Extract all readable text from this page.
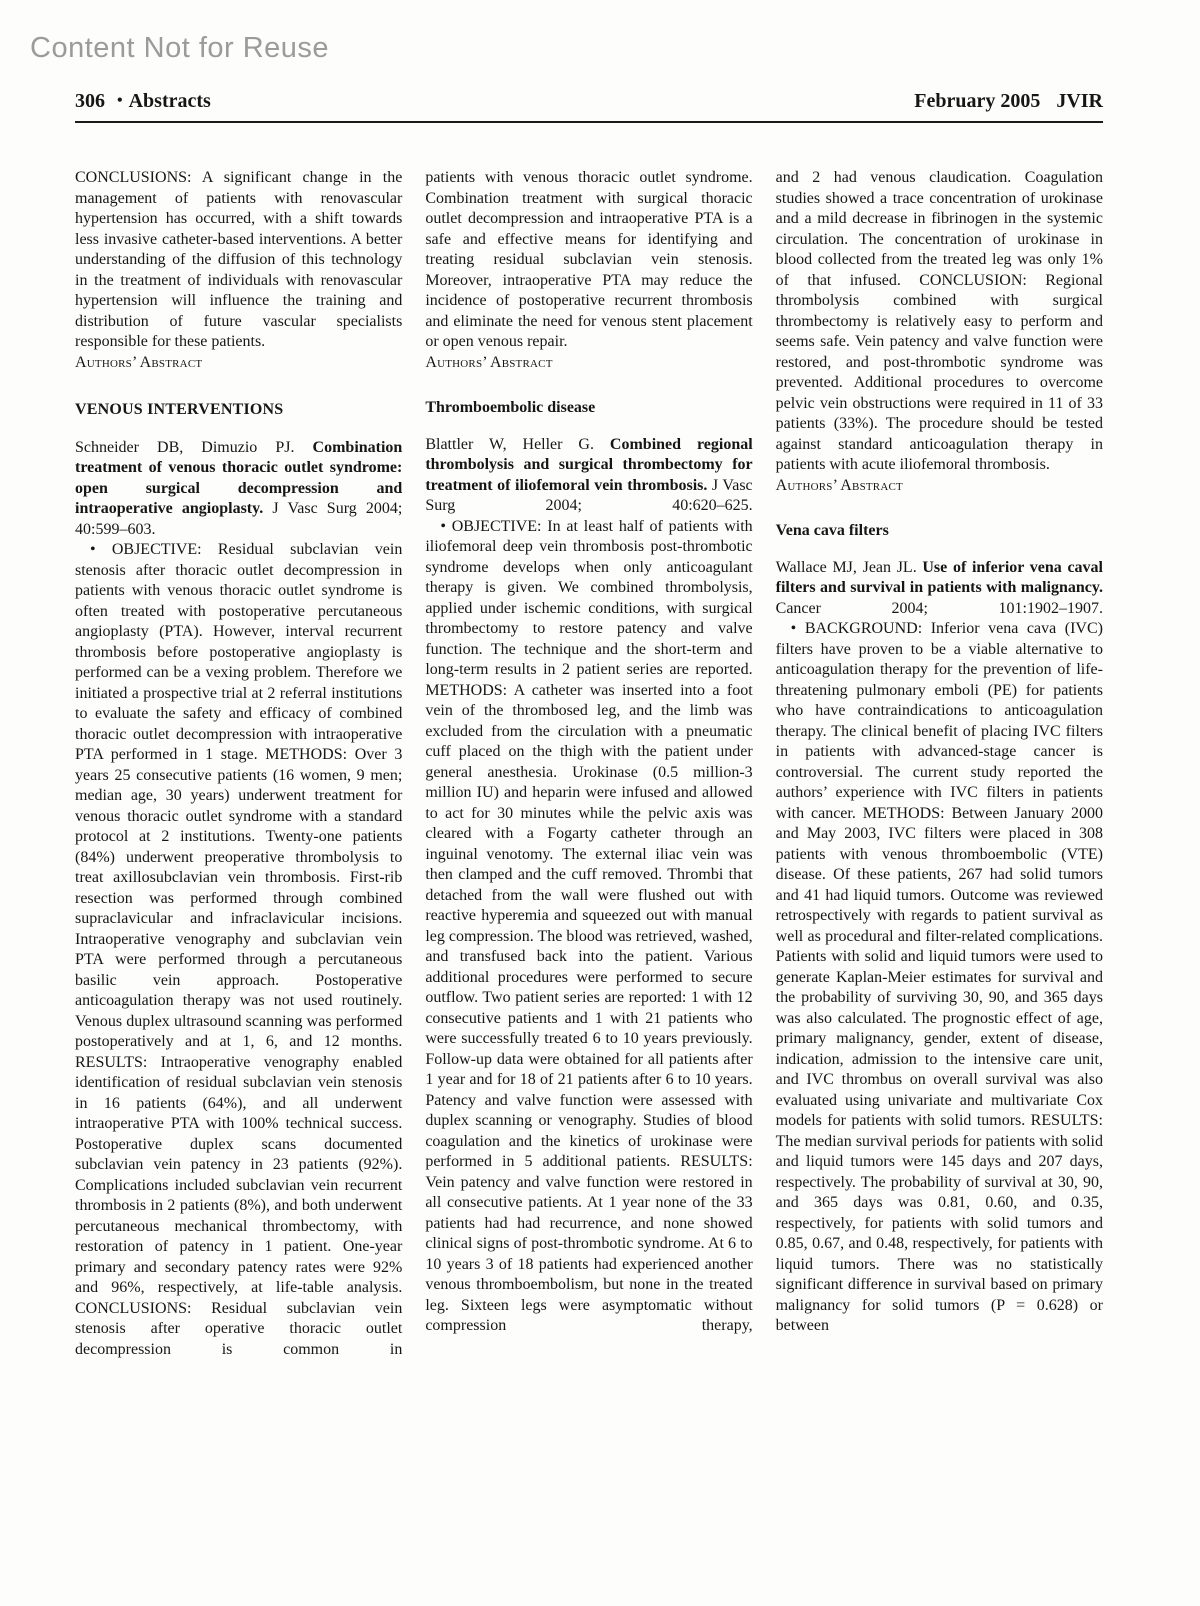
Content Not for Reuse
306 • Abstracts	February 2005 JVIR
CONCLUSIONS: A significant change in the management of patients with renovascular hypertension has occurred, with a shift towards less invasive catheter-based interventions. A better understanding of the diffusion of this technology in the treatment of individuals with renovascular hypertension will influence the training and distribution of future vascular specialists responsible for these patients.
Authors’ Abstract
VENOUS INTERVENTIONS
Schneider DB, Dimuzio PJ. Combination treatment of venous thoracic outlet syndrome: open surgical decompression and intraoperative angioplasty. J Vasc Surg 2004; 40:599–603.
• OBJECTIVE: Residual subclavian vein stenosis after thoracic outlet decompression in patients with venous thoracic outlet syndrome is often treated with postoperative percutaneous angioplasty (PTA). However, interval recurrent thrombosis before postoperative angioplasty is performed can be a vexing problem. Therefore we initiated a prospective trial at 2 referral institutions to evaluate the safety and efficacy of combined thoracic outlet decompression with intraoperative PTA performed in 1 stage. METHODS: Over 3 years 25 consecutive patients (16 women, 9 men; median age, 30 years) underwent treatment for venous thoracic outlet syndrome with a standard protocol at 2 institutions. Twenty-one patients (84%) underwent preoperative thrombolysis to treat axillosubclavian vein thrombosis. First-rib resection was performed through combined supraclavicular and infraclavicular incisions. Intraoperative venography and subclavian vein PTA were performed through a percutaneous basilic vein approach. Postoperative anticoagulation therapy was not used routinely. Venous duplex ultrasound scanning was performed postoperatively and at 1, 6, and 12 months. RESULTS: Intraoperative venography enabled identification of residual subclavian vein stenosis in 16 patients (64%), and all underwent intraoperative PTA with 100% technical success. Postoperative duplex scans documented subclavian vein patency in 23 patients (92%). Complications included subclavian vein recurrent thrombosis in 2 patients (8%), and both underwent percutaneous mechanical thrombectomy, with restoration of patency in 1 patient. One-year primary and secondary patency rates were 92% and 96%, respectively, at life-table analysis. CONCLUSIONS: Residual subclavian vein stenosis after operative thoracic outlet decompression is common in
patients with venous thoracic outlet syndrome. Combination treatment with surgical thoracic outlet decompression and intraoperative PTA is a safe and effective means for identifying and treating residual subclavian vein stenosis. Moreover, intraoperative PTA may reduce the incidence of postoperative recurrent thrombosis and eliminate the need for venous stent placement or open venous repair.
Authors’ Abstract
Thromboembolic disease
Blattler W, Heller G. Combined regional thrombolysis and surgical thrombectomy for treatment of iliofemoral vein thrombosis. J Vasc Surg 2004; 40:620–625.
• OBJECTIVE: In at least half of patients with iliofemoral deep vein thrombosis post-thrombotic syndrome develops when only anticoagulant therapy is given. We combined thrombolysis, applied under ischemic conditions, with surgical thrombectomy to restore patency and valve function. The technique and the short-term and long-term results in 2 patient series are reported. METHODS: A catheter was inserted into a foot vein of the thrombosed leg, and the limb was excluded from the circulation with a pneumatic cuff placed on the thigh with the patient under general anesthesia. Urokinase (0.5 million-3 million IU) and heparin were infused and allowed to act for 30 minutes while the pelvic axis was cleared with a Fogarty catheter through an inguinal venotomy. The external iliac vein was then clamped and the cuff removed. Thrombi that detached from the wall were flushed out with reactive hyperemia and squeezed out with manual leg compression. The blood was retrieved, washed, and transfused back into the patient. Various additional procedures were performed to secure outflow. Two patient series are reported: 1 with 12 consecutive patients and 1 with 21 patients who were successfully treated 6 to 10 years previously. Follow-up data were obtained for all patients after 1 year and for 18 of 21 patients after 6 to 10 years. Patency and valve function were assessed with duplex scanning or venography. Studies of blood coagulation and the kinetics of urokinase were performed in 5 additional patients. RESULTS: Vein patency and valve function were restored in all consecutive patients. At 1 year none of the 33 patients had had recurrence, and none showed clinical signs of post-thrombotic syndrome. At 6 to 10 years 3 of 18 patients had experienced another venous thromboembolism, but none in the treated leg. Sixteen legs were asymptomatic without compression therapy,
and 2 had venous claudication. Coagulation studies showed a trace concentration of urokinase and a mild decrease in fibrinogen in the systemic circulation. The concentration of urokinase in blood collected from the treated leg was only 1% of that infused. CONCLUSION: Regional thrombolysis combined with surgical thrombectomy is relatively easy to perform and seems safe. Vein patency and valve function were restored, and post-thrombotic syndrome was prevented. Additional procedures to overcome pelvic vein obstructions were required in 11 of 33 patients (33%). The procedure should be tested against standard anticoagulation therapy in patients with acute iliofemoral thrombosis.
Authors’ Abstract
Vena cava filters
Wallace MJ, Jean JL. Use of inferior vena caval filters and survival in patients with malignancy. Cancer 2004; 101:1902–1907.
• BACKGROUND: Inferior vena cava (IVC) filters have proven to be a viable alternative to anticoagulation therapy for the prevention of life-threatening pulmonary emboli (PE) for patients who have contraindications to anticoagulation therapy. The clinical benefit of placing IVC filters in patients with advanced-stage cancer is controversial. The current study reported the authors’ experience with IVC filters in patients with cancer. METHODS: Between January 2000 and May 2003, IVC filters were placed in 308 patients with venous thromboembolic (VTE) disease. Of these patients, 267 had solid tumors and 41 had liquid tumors. Outcome was reviewed retrospectively with regards to patient survival as well as procedural and filter-related complications. Patients with solid and liquid tumors were used to generate Kaplan-Meier estimates for survival and the probability of surviving 30, 90, and 365 days was also calculated. The prognostic effect of age, primary malignancy, gender, extent of disease, indication, admission to the intensive care unit, and IVC thrombus on overall survival was also evaluated using univariate and multivariate Cox models for patients with solid tumors. RESULTS: The median survival periods for patients with solid and liquid tumors were 145 days and 207 days, respectively. The probability of survival at 30, 90, and 365 days was 0.81, 0.60, and 0.35, respectively, for patients with solid tumors and 0.85, 0.67, and 0.48, respectively, for patients with liquid tumors. There was no statistically significant difference in survival based on primary malignancy for solid tumors (P = 0.628) or between
